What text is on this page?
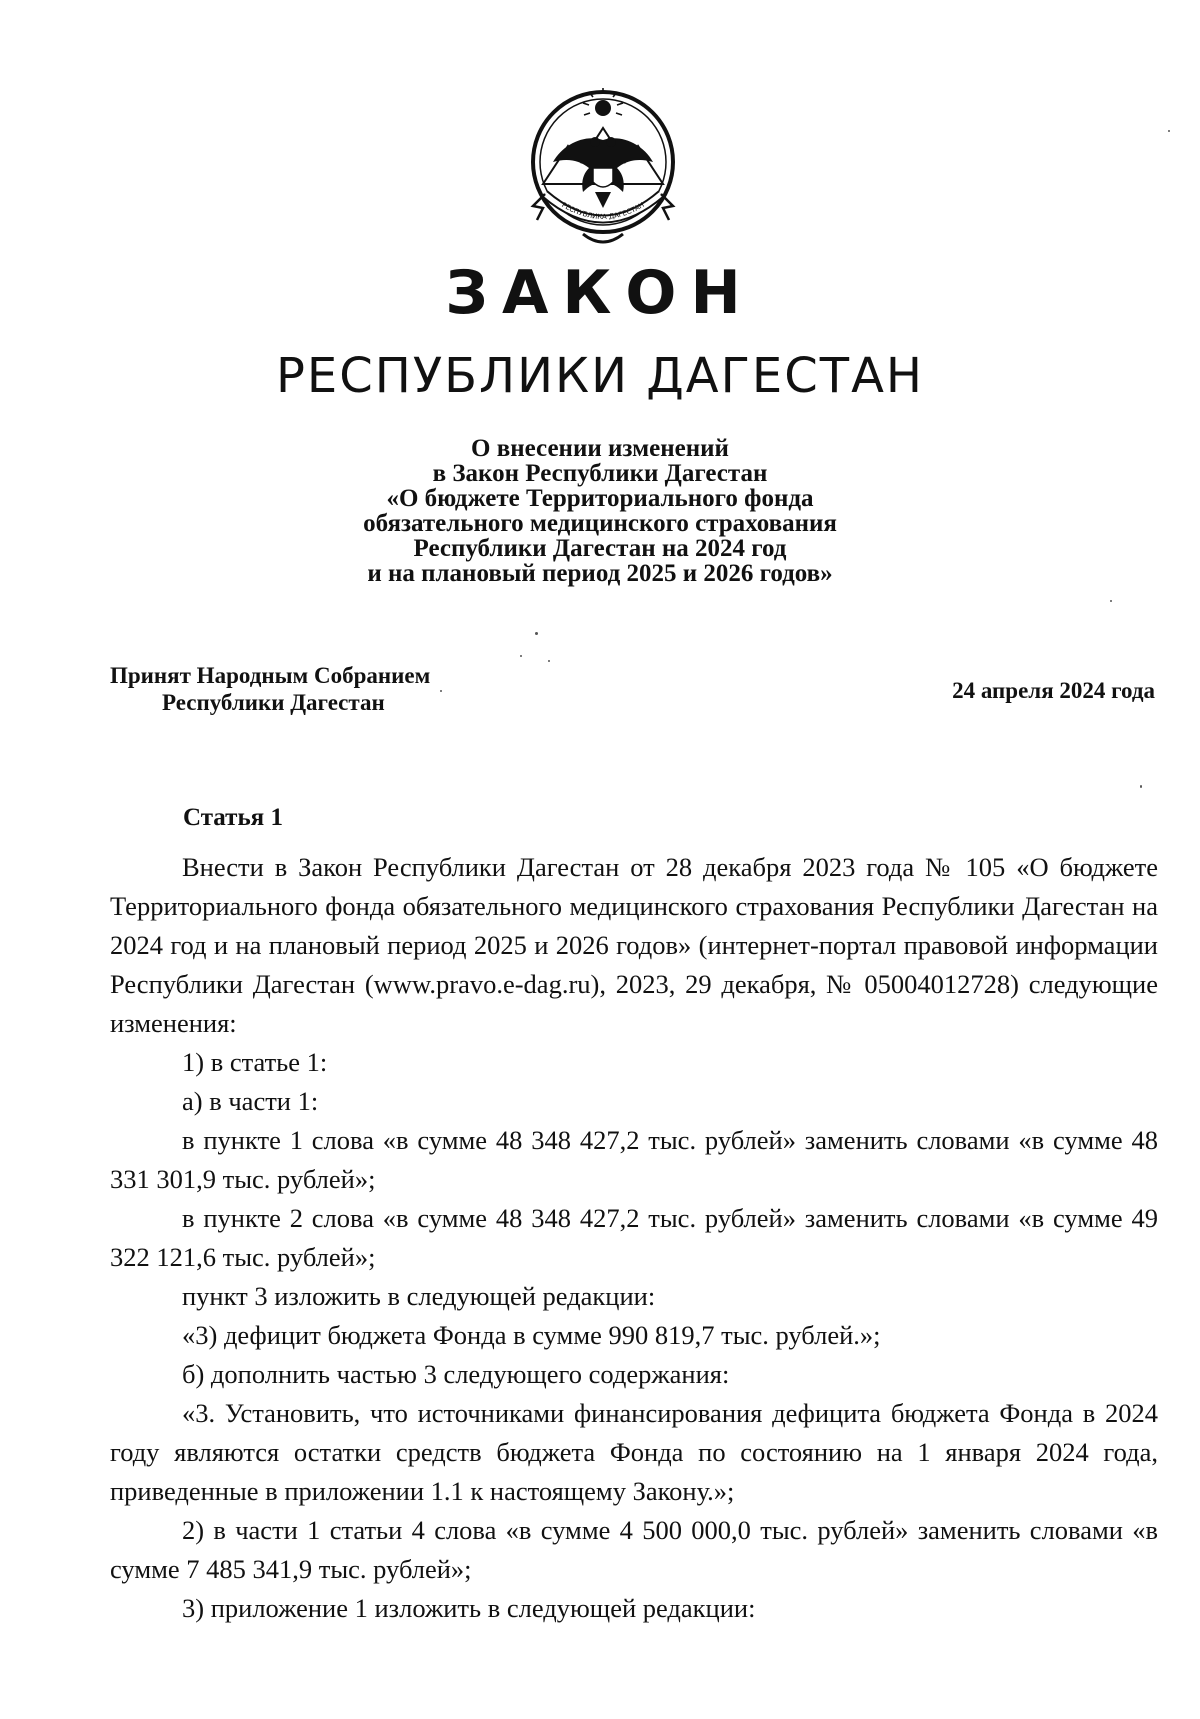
РЕСПУБЛИКА ДАГЕСТАН
ЗАКОН
РЕСПУБЛИКИ ДАГЕСТАН
О внесении изменений
в Закон Республики Дагестан
«О бюджете Территориального фонда
обязательного медицинского страхования
Республики Дагестан на 2024 год
и на плановый период 2025 и 2026 годов»
Принят Народным Собранием
Республики Дагестан	24 апреля 2024 года
Статья 1

Внести в Закон Республики Дагестан от 28 декабря 2023 года № 105 «О бюджете Территориального фонда обязательного медицинского страхования Республики Дагестан на 2024 год и на плановый период 2025 и 2026 годов» (интернет-портал правовой информации Республики Дагестан (www.pravo.e-dag.ru), 2023, 29 декабря, № 05004012728) следующие изменения:

1) в статье 1:

а) в части 1:

в пункте 1 слова «в сумме 48 348 427,2 тыс. рублей» заменить словами «в сумме 48 331 301,9 тыс. рублей»;

в пункте 2 слова «в сумме 48 348 427,2 тыс. рублей» заменить словами «в сумме 49 322 121,6 тыс. рублей»;

пункт 3 изложить в следующей редакции:

«3) дефицит бюджета Фонда в сумме 990 819,7 тыс. рублей.»;

б) дополнить частью 3 следующего содержания:

«3. Установить, что источниками финансирования дефицита бюджета Фонда в 2024 году являются остатки средств бюджета Фонда по состоянию на 1 января 2024 года, приведенные в приложении 1.1 к настоящему Закону.»;

2) в части 1 статьи 4 слова «в сумме 4 500 000,0 тыс. рублей» заменить словами «в сумме 7 485 341,9 тыс. рублей»;

3) приложение 1 изложить в следующей редакции:
